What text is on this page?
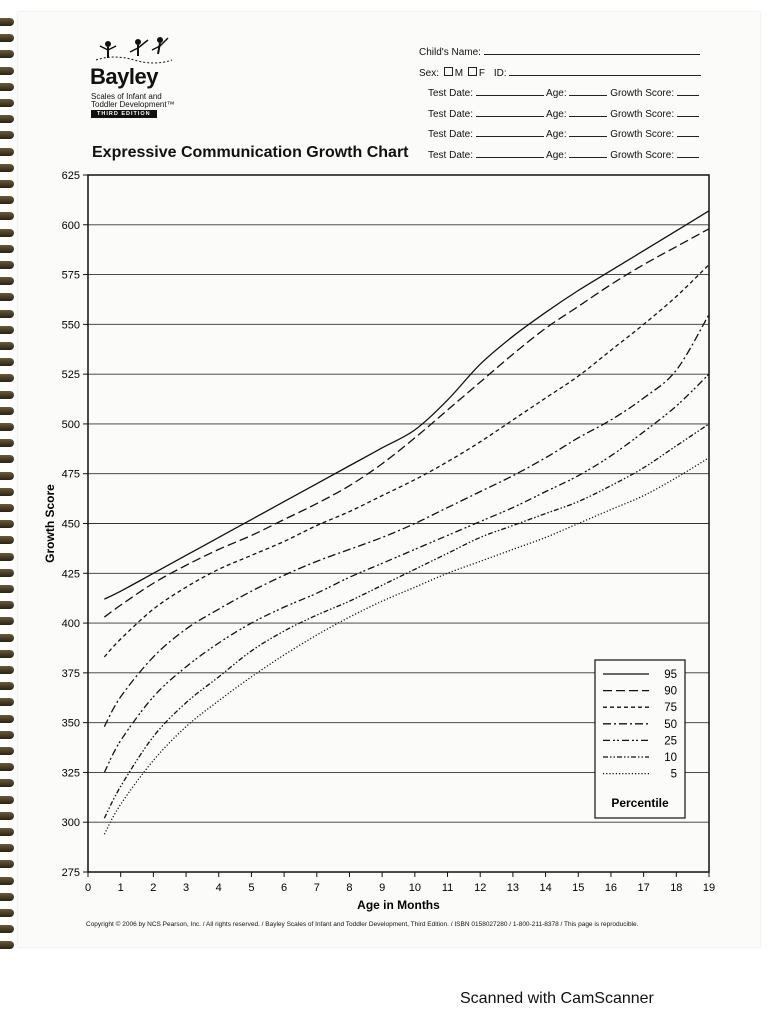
Bayley
Scales of Infant and
Toddler Development™
THIRD EDITION
Expressive Communication Growth Chart
Child's Name:
Sex: M F ID:
Test Date:	Age:	Growth Score:
Test Date:	Age:	Growth Score:
Test Date:	Age:	Growth Score:
Test Date:	Age:	Growth Score:
275
300
325
350
375
400
425
450
475
500
525
550
575
600
625
0 1 2 3 4 5 6 7 8 9 10 11 12 13 14 15 16 17 18 19
Age in Months
Growth Score
Percentile
95
90
75
50
25
10
5
Copyright © 2006 by NCS Pearson, Inc. / All rights reserved. / Bayley Scales of Infant and Toddler Development, Third Edition. / ISBN 0158027280 / 1-800-211-8378 / This page is reproducible.
Scanned with CamScanner
